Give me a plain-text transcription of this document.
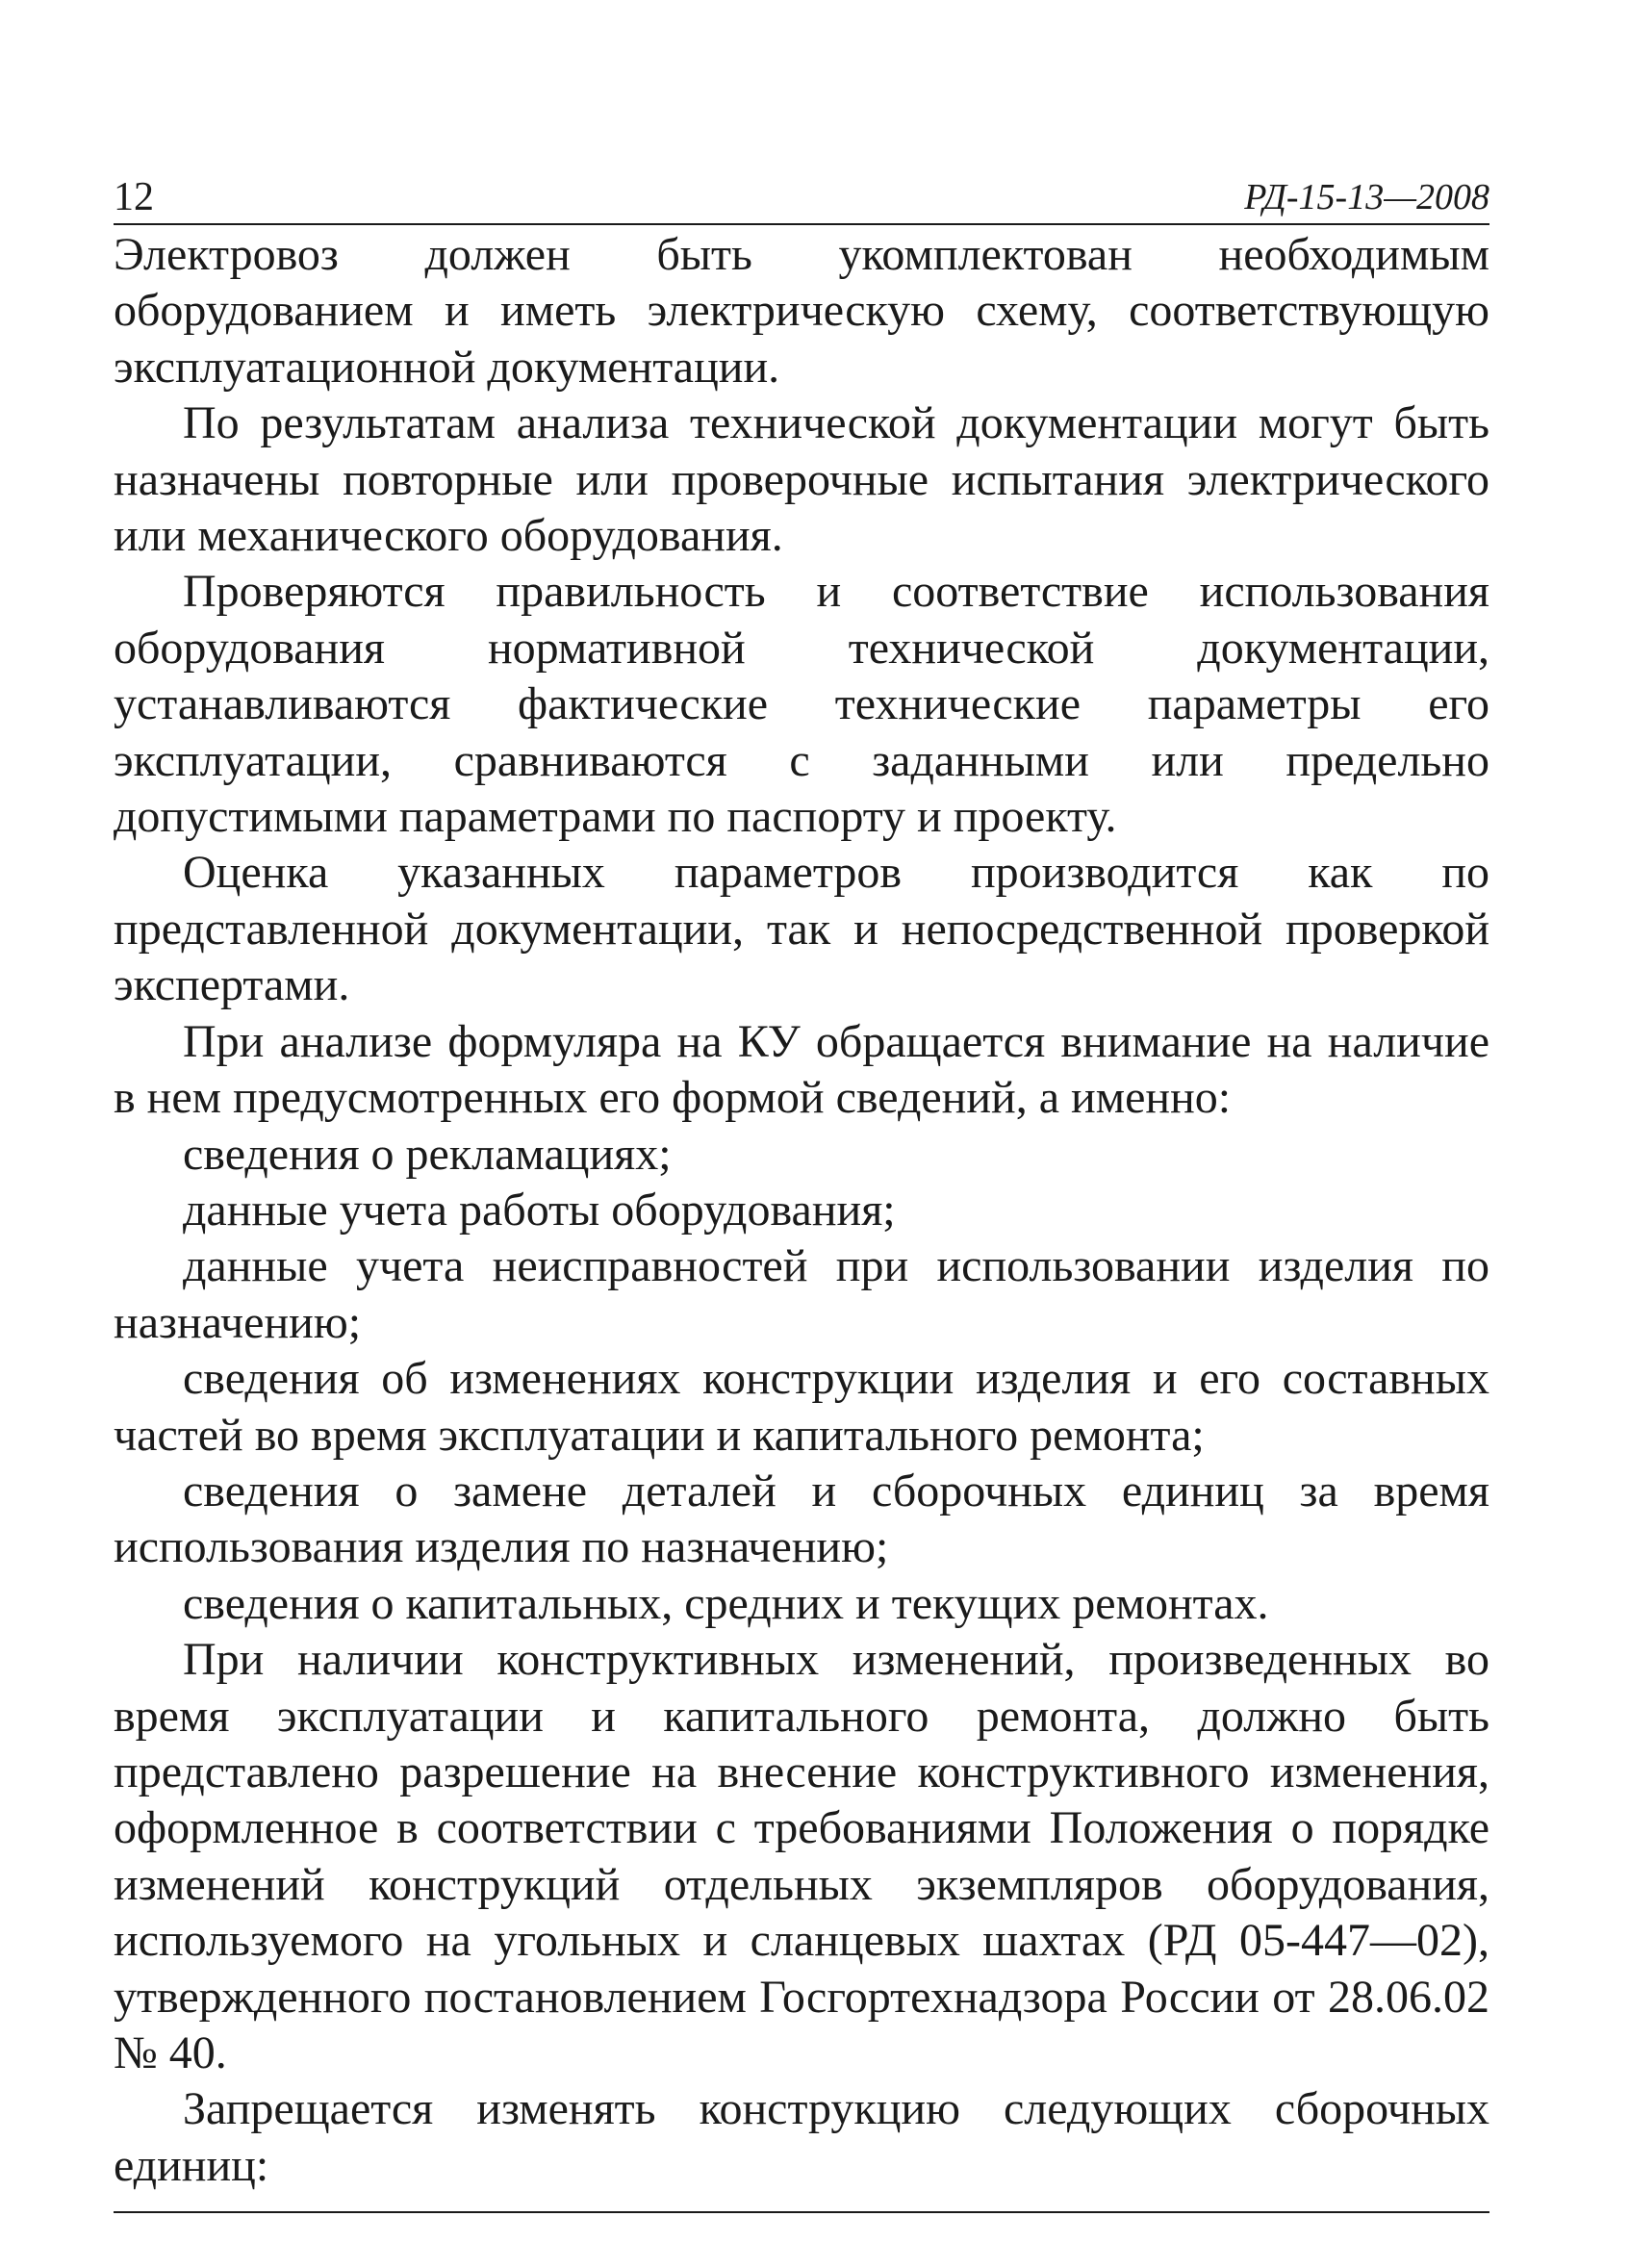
12	РД-15-13—2008

Электровоз должен быть укомплектован необходимым оборудованием и иметь электрическую схему, соответствующую эксплуатационной документации.

По результатам анализа технической документации могут быть назначены повторные или проверочные испытания электрического или механического оборудования.

Проверяются правильность и соответствие использования оборудования нормативной технической документации, устанавливаются фактические технические параметры его эксплуатации, сравниваются с заданными или предельно допустимыми параметрами по паспорту и проекту.

Оценка указанных параметров производится как по представленной документации, так и непосредственной проверкой экспертами.

При анализе формуляра на КУ обращается внимание на наличие в нем предусмотренных его формой сведений, а именно:

сведения о рекламациях;

данные учета работы оборудования;

данные учета неисправностей при использовании изделия по назначению;

сведения об изменениях конструкции изделия и его составных частей во время эксплуатации и капитального ремонта;

сведения о замене деталей и сборочных единиц за время использования изделия по назначению;

сведения о капитальных, средних и текущих ремонтах.

При наличии конструктивных изменений, произведенных во время эксплуатации и капитального ремонта, должно быть представлено разрешение на внесение конструктивного изменения, оформленное в соответствии с требованиями Положения о порядке изменений конструкций отдельных экземпляров оборудования, используемого на угольных и сланцевых шахтах (РД 05-447—02), утвержденного постановлением Госгортехнадзора России от 28.06.02 № 40.

Запрещается изменять конструкцию следующих сборочных единиц:
